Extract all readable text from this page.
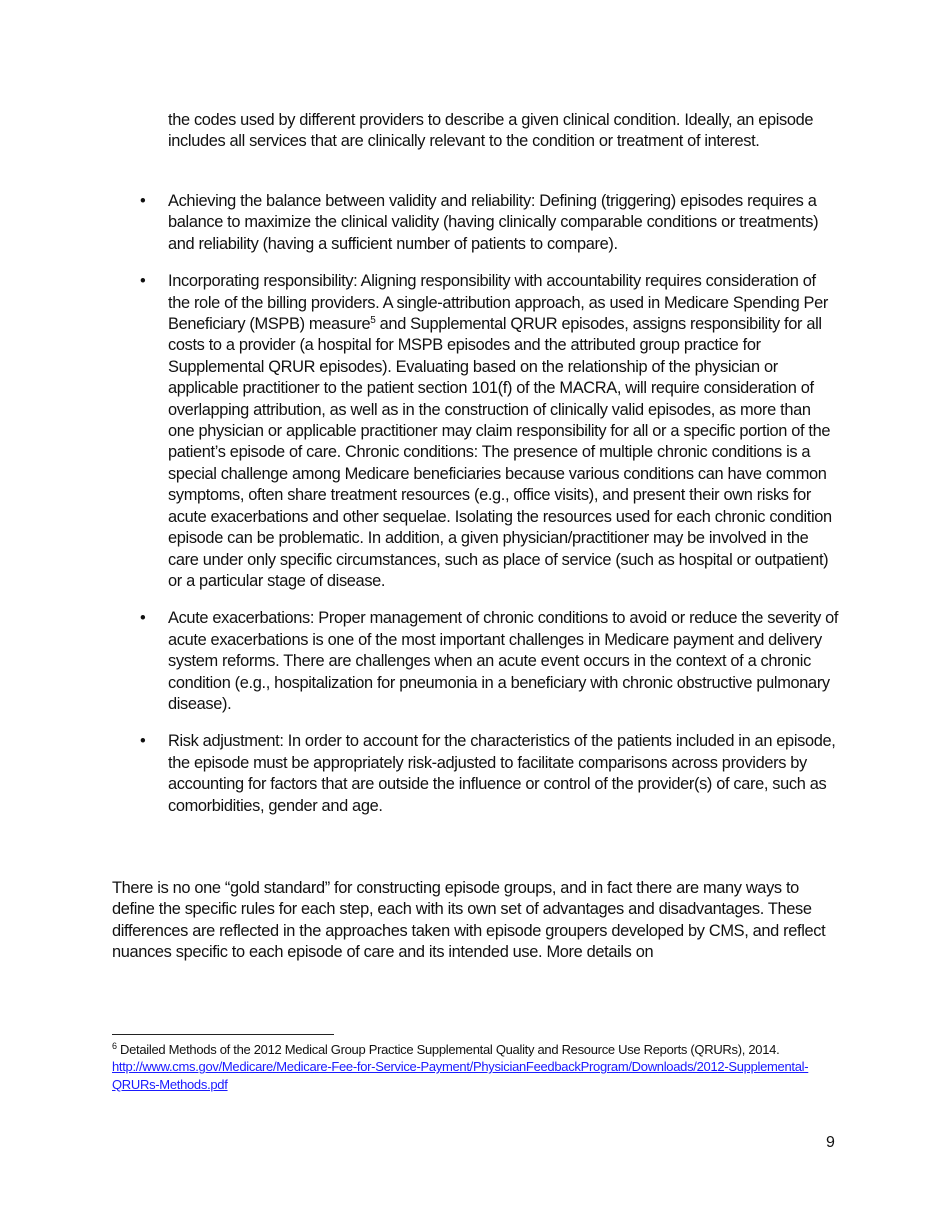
the codes used by different providers to describe a given clinical condition. Ideally, an episode includes all services that are clinically relevant to the condition or treatment of interest.

•	Achieving the balance between validity and reliability: Defining (triggering) episodes requires a balance to maximize the clinical validity (having clinically comparable conditions or treatments) and reliability (having a sufficient number of patients to compare).
•	Incorporating responsibility: Aligning responsibility with accountability requires consideration of the role of the billing providers. A single-attribution approach, as used in Medicare Spending Per Beneficiary (MSPB) measure$^5$ and Supplemental QRUR episodes, assigns responsibility for all costs to a provider (a hospital for MSPB episodes and the attributed group practice for Supplemental QRUR episodes). Evaluating based on the relationship of the physician or applicable practitioner to the patient section 101(f) of the MACRA, will require consideration of overlapping attribution, as well as in the construction of clinically valid episodes, as more than one physician or applicable practitioner may claim responsibility for all or a specific portion of the patient’s episode of care. Chronic conditions: The presence of multiple chronic conditions is a special challenge among Medicare beneficiaries because various conditions can have common symptoms, often share treatment resources (e.g., office visits), and present their own risks for acute exacerbations and other sequelae. Isolating the resources used for each chronic condition episode can be problematic. In addition, a given physician/practitioner may be involved in the care under only specific circumstances, such as place of service (such as hospital or outpatient) or a particular stage of disease.
•	Acute exacerbations: Proper management of chronic conditions to avoid or reduce the severity of acute exacerbations is one of the most important challenges in Medicare payment and delivery system reforms. There are challenges when an acute event occurs in the context of a chronic condition (e.g., hospitalization for pneumonia in a beneficiary with chronic obstructive pulmonary disease).
•	Risk adjustment: In order to account for the characteristics of the patients included in an episode, the episode must be appropriately risk-adjusted to facilitate comparisons across providers by accounting for factors that are outside the influence or control of the provider(s) of care, such as comorbidities, gender and age.

There is no one “gold standard” for constructing episode groups, and in fact there are many ways to define the specific rules for each step, each with its own set of advantages and disadvantages. These differences are reflected in the approaches taken with episode groupers developed by CMS, and reflect nuances specific to each episode of care and its intended use. More details on

$^6$ Detailed Methods of the 2012 Medical Group Practice Supplemental Quality and Resource Use Reports (QRURs), 2014. http://www.cms.gov/Medicare/Medicare-Fee-for-Service-Payment/PhysicianFeedbackProgram/Downloads/2012-Supplemental-QRURs-Methods.pdf

9
